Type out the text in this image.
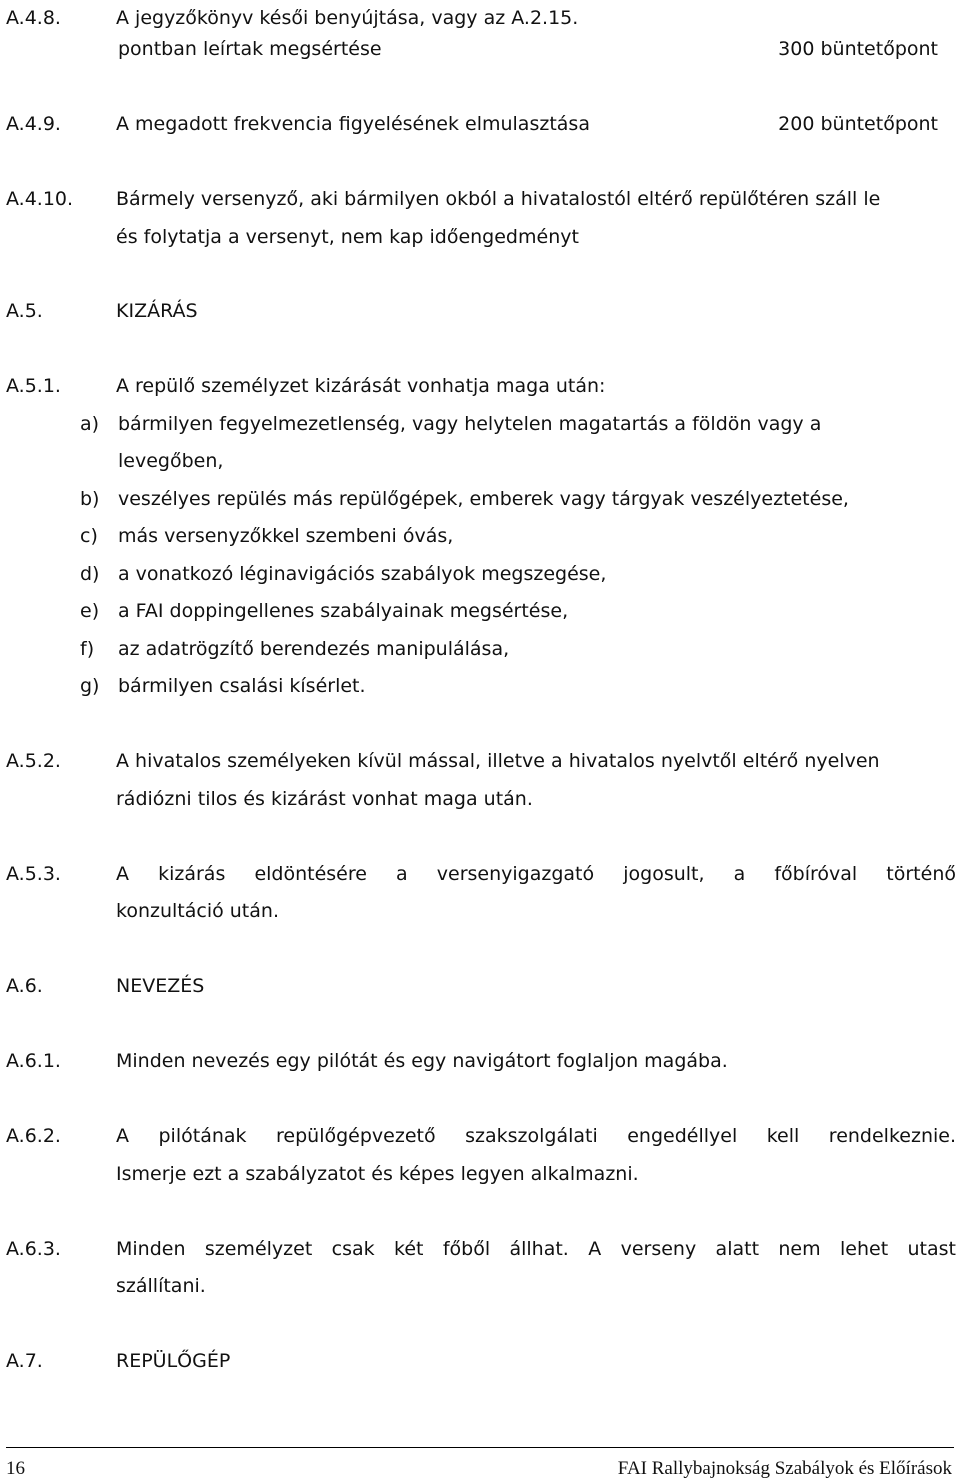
A.4.8.	A jegyzőkönyv késői benyújtása, vagy az A.2.15.
pontban leírtak megsértése	300 büntetőpont
A.4.9.	A megadott frekvencia figyelésének elmulasztása	200 büntetőpont
A.4.10. Bármely versenyző, aki bármilyen okból a hivatalostól eltérő repülőtéren száll le
és folytatja a versenyt, nem kap időengedményt
A.5.	KIZÁRÁS
A.5.1.	A repülő személyzet kizárását vonhatja maga után:
a) bármilyen fegyelmezetlenség, vagy helytelen magatartás a földön vagy a
levegőben,
b) veszélyes repülés más repülőgépek, emberek vagy tárgyak veszélyeztetése,
c) más versenyzőkkel szembeni óvás,
d) a vonatkozó léginavigációs szabályok megszegése,
e) a FAI doppingellenes szabályainak megsértése,
f) az adatrögzítő berendezés manipulálása,
g) bármilyen csalási kísérlet.
A.5.2.	A hivatalos személyeken kívül mással, illetve a hivatalos nyelvtől eltérő nyelven
rádiózni tilos és kizárást vonhat maga után.
A.5.3.	A kizárás eldöntésére a versenyigazgató jogosult, a főbíróval történő
konzultáció után.
A.6.	NEVEZÉS
A.6.1.	Minden nevezés egy pilótát és egy navigátort foglaljon magába.
A.6.2.	A pilótának repülőgépvezető szakszolgálati engedéllyel kell rendelkeznie.
Ismerje ezt a szabályzatot és képes legyen alkalmazni.
A.6.3.	Minden személyzet csak két főből állhat. A verseny alatt nem lehet utast
szállítani.
A.7.	REPÜLŐGÉP
16	FAI Rallybajnokság Szabályok és Előírások
